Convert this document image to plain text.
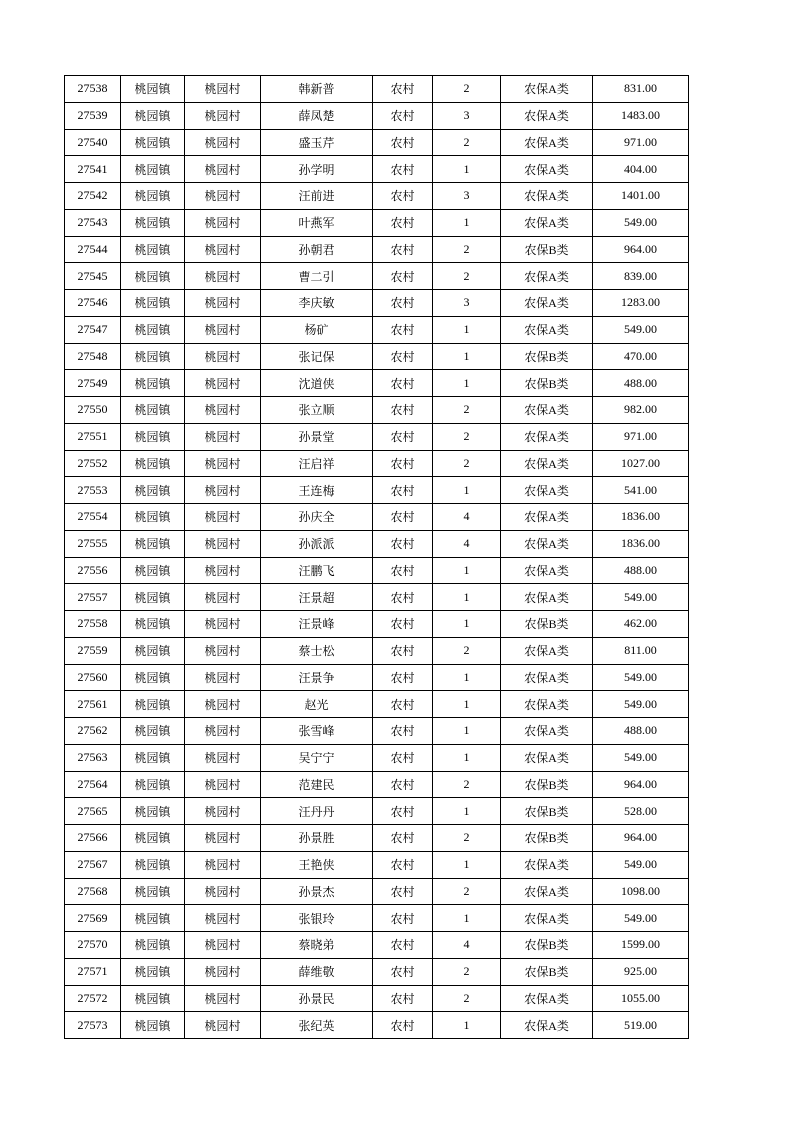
27538	桃园镇	桃园村	韩新普	农村	2	农保A类	831.00
27539	桃园镇	桃园村	薛凤楚	农村	3	农保A类	1483.00
27540	桃园镇	桃园村	盛玉芹	农村	2	农保A类	971.00
27541	桃园镇	桃园村	孙学明	农村	1	农保A类	404.00
27542	桃园镇	桃园村	汪前进	农村	3	农保A类	1401.00
27543	桃园镇	桃园村	叶燕军	农村	1	农保A类	549.00
27544	桃园镇	桃园村	孙朝君	农村	2	农保B类	964.00
27545	桃园镇	桃园村	曹二引	农村	2	农保A类	839.00
27546	桃园镇	桃园村	李庆敏	农村	3	农保A类	1283.00
27547	桃园镇	桃园村	杨矿	农村	1	农保A类	549.00
27548	桃园镇	桃园村	张记保	农村	1	农保B类	470.00
27549	桃园镇	桃园村	沈道侠	农村	1	农保B类	488.00
27550	桃园镇	桃园村	张立顺	农村	2	农保A类	982.00
27551	桃园镇	桃园村	孙景堂	农村	2	农保A类	971.00
27552	桃园镇	桃园村	汪启祥	农村	2	农保A类	1027.00
27553	桃园镇	桃园村	王连梅	农村	1	农保A类	541.00
27554	桃园镇	桃园村	孙庆全	农村	4	农保A类	1836.00
27555	桃园镇	桃园村	孙派派	农村	4	农保A类	1836.00
27556	桃园镇	桃园村	汪鹏飞	农村	1	农保A类	488.00
27557	桃园镇	桃园村	汪景超	农村	1	农保A类	549.00
27558	桃园镇	桃园村	汪景峰	农村	1	农保B类	462.00
27559	桃园镇	桃园村	蔡士松	农村	2	农保A类	811.00
27560	桃园镇	桃园村	汪景争	农村	1	农保A类	549.00
27561	桃园镇	桃园村	赵光	农村	1	农保A类	549.00
27562	桃园镇	桃园村	张雪峰	农村	1	农保A类	488.00
27563	桃园镇	桃园村	吴宁宁	农村	1	农保A类	549.00
27564	桃园镇	桃园村	范建民	农村	2	农保B类	964.00
27565	桃园镇	桃园村	汪丹丹	农村	1	农保B类	528.00
27566	桃园镇	桃园村	孙景胜	农村	2	农保B类	964.00
27567	桃园镇	桃园村	王艳侠	农村	1	农保A类	549.00
27568	桃园镇	桃园村	孙景杰	农村	2	农保A类	1098.00
27569	桃园镇	桃园村	张银玲	农村	1	农保A类	549.00
27570	桃园镇	桃园村	蔡晓弟	农村	4	农保B类	1599.00
27571	桃园镇	桃园村	薛维敬	农村	2	农保B类	925.00
27572	桃园镇	桃园村	孙景民	农村	2	农保A类	1055.00
27573	桃园镇	桃园村	张纪英	农村	1	农保A类	519.00
